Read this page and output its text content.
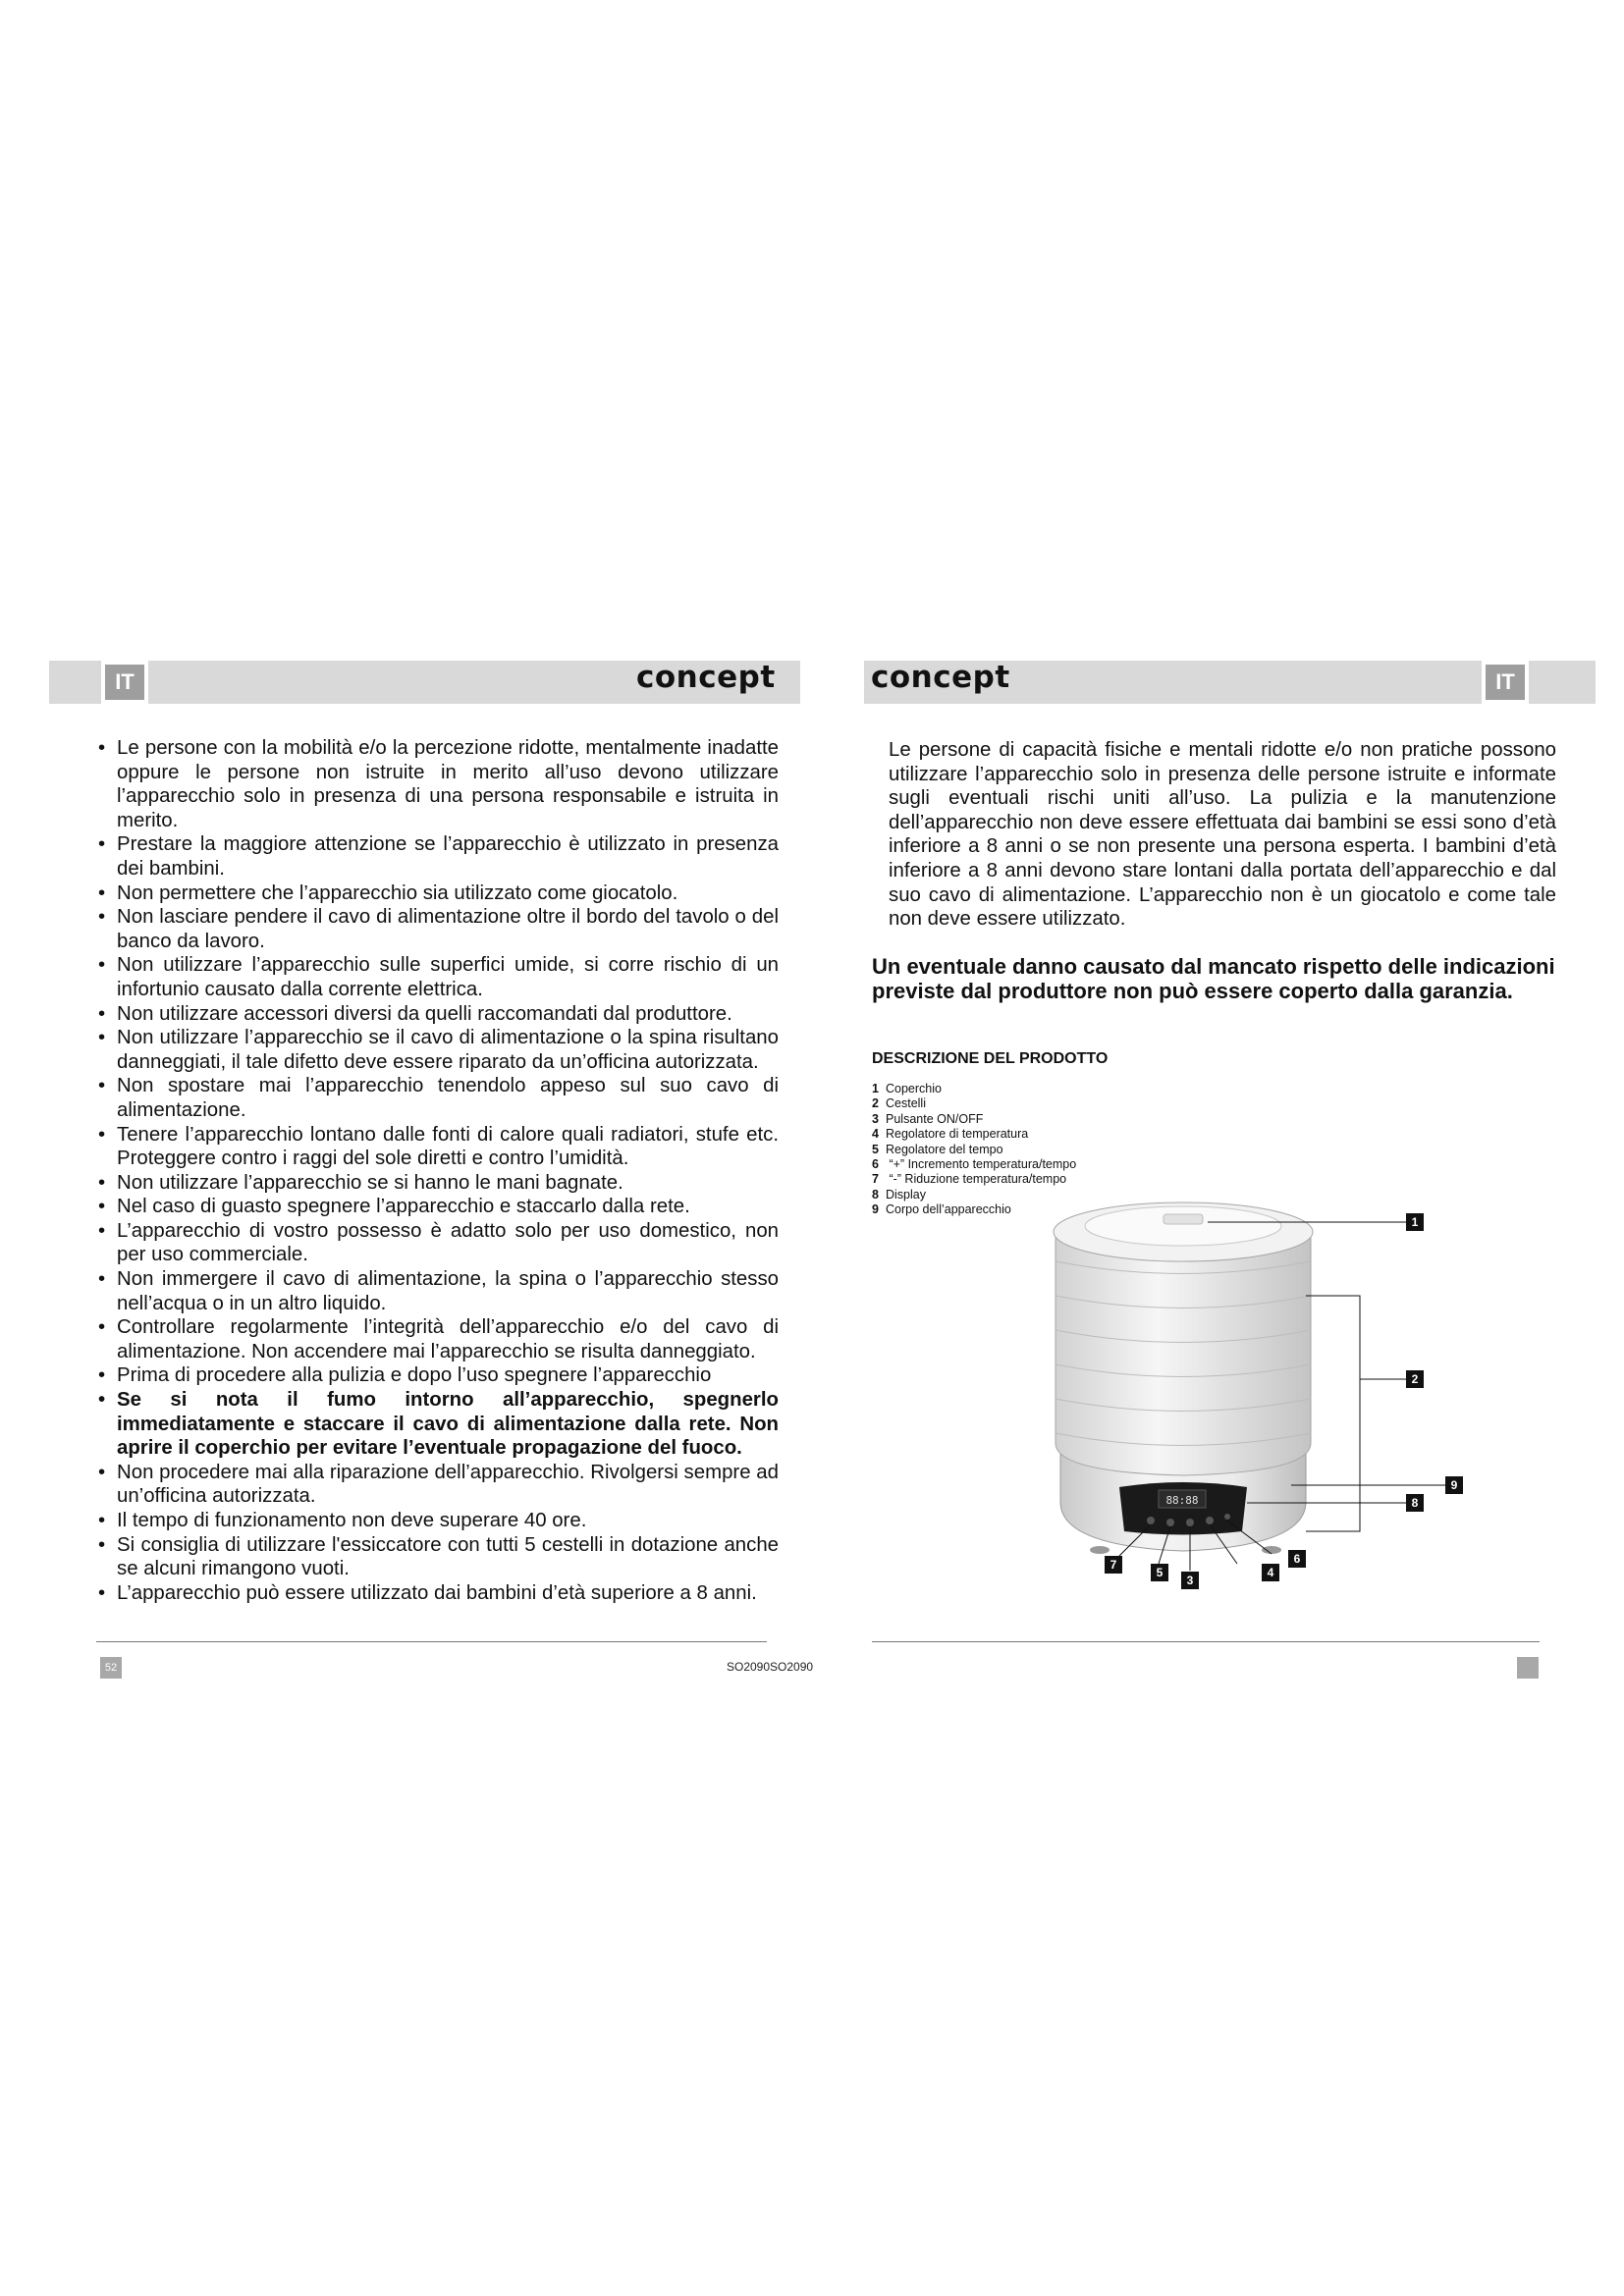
IT	IT
concept	concept
• Le persone con la mobilità e/o la percezione ridotte, mentalmente inadatte oppure le persone non istruite in merito all’uso devono utilizzare l’apparecchio solo in presenza di una persona responsabile e istruita in merito.
• Prestare la maggiore attenzione se l’apparecchio è utilizzato in presenza dei bambini.
• Non permettere che l’apparecchio sia utilizzato come giocatolo.
• Non lasciare pendere il cavo di alimentazione oltre il bordo del tavolo o del banco da lavoro.
• Non utilizzare l’apparecchio sulle superfici umide, si corre rischio di un infortunio causato dalla corrente elettrica.
• Non utilizzare accessori diversi da quelli raccomandati dal produttore.
• Non utilizzare l’apparecchio se il cavo di alimentazione o la spina risultano danneggiati, il tale difetto deve essere riparato da un’officina autorizzata.
• Non spostare mai l’apparecchio tenendolo appeso sul suo cavo di alimentazione.
• Tenere l’apparecchio lontano dalle fonti di calore quali radiatori, stufe etc. Proteggere contro i raggi del sole diretti e contro l’umidità.
• Non utilizzare l’apparecchio se si hanno le mani bagnate.
• Nel caso di guasto spegnere l’apparecchio e staccarlo dalla rete.
• L’apparecchio di vostro possesso è adatto solo per uso domestico, non per uso commerciale.
• Non immergere il cavo di alimentazione, la spina o l’apparecchio stesso nell’acqua o in un altro liquido.
• Controllare regolarmente l’integrità dell’apparecchio e/o del cavo di alimentazione. Non accendere mai l’apparecchio se risulta danneggiato.
• Prima di procedere alla pulizia e dopo l’uso spegnere l’apparecchio
• Se si nota il fumo intorno all’apparecchio, spegnerlo immediatamente e staccare il cavo di alimentazione dalla rete. Non aprire il coperchio per evitare l’eventuale propagazione del fuoco.
• Non procedere mai alla riparazione dell’apparecchio. Rivolgersi sempre ad un’officina autorizzata.
• Il tempo di funzionamento non deve superare 40 ore.
• Si consiglia di utilizzare l'essiccatore con tutti 5 cestelli in dotazione anche se alcuni rimangono vuoti.
• L’apparecchio può essere utilizzato dai bambini d’età superiore a 8 anni.
Le persone di capacità fisiche e mentali ridotte e/o non pratiche possono utilizzare l’apparecchio solo in presenza delle persone istruite e informate sugli eventuali rischi uniti all’uso. La pulizia e la manutenzione dell’apparecchio non deve essere effettuata dai bambini se essi sono d’età inferiore a 8 anni o se non presente una persona esperta. I bambini d’età inferiore a 8 anni devono stare lontani dalla portata dell’apparecchio e dal suo cavo di alimentazione. L’apparecchio non è un giocatolo e come tale non deve essere utilizzato.
Un eventuale danno causato dal mancato rispetto delle indicazioni previste dal produttore non può essere coperto dalla garanzia.
DESCRIZIONE DEL PRODOTTO
1 Coperchio
2 Cestelli
3 Pulsante ON/OFF
4 Regolatore di temperatura
5 Regolatore del tempo
6 “+” Incremento temperatura/tempo
7 “-” Riduzione temperatura/tempo
8 Display
9 Corpo dell’apparecchio
88:88
1
2
9
8
7
5
3
4
6
52	SO2090SO2090
